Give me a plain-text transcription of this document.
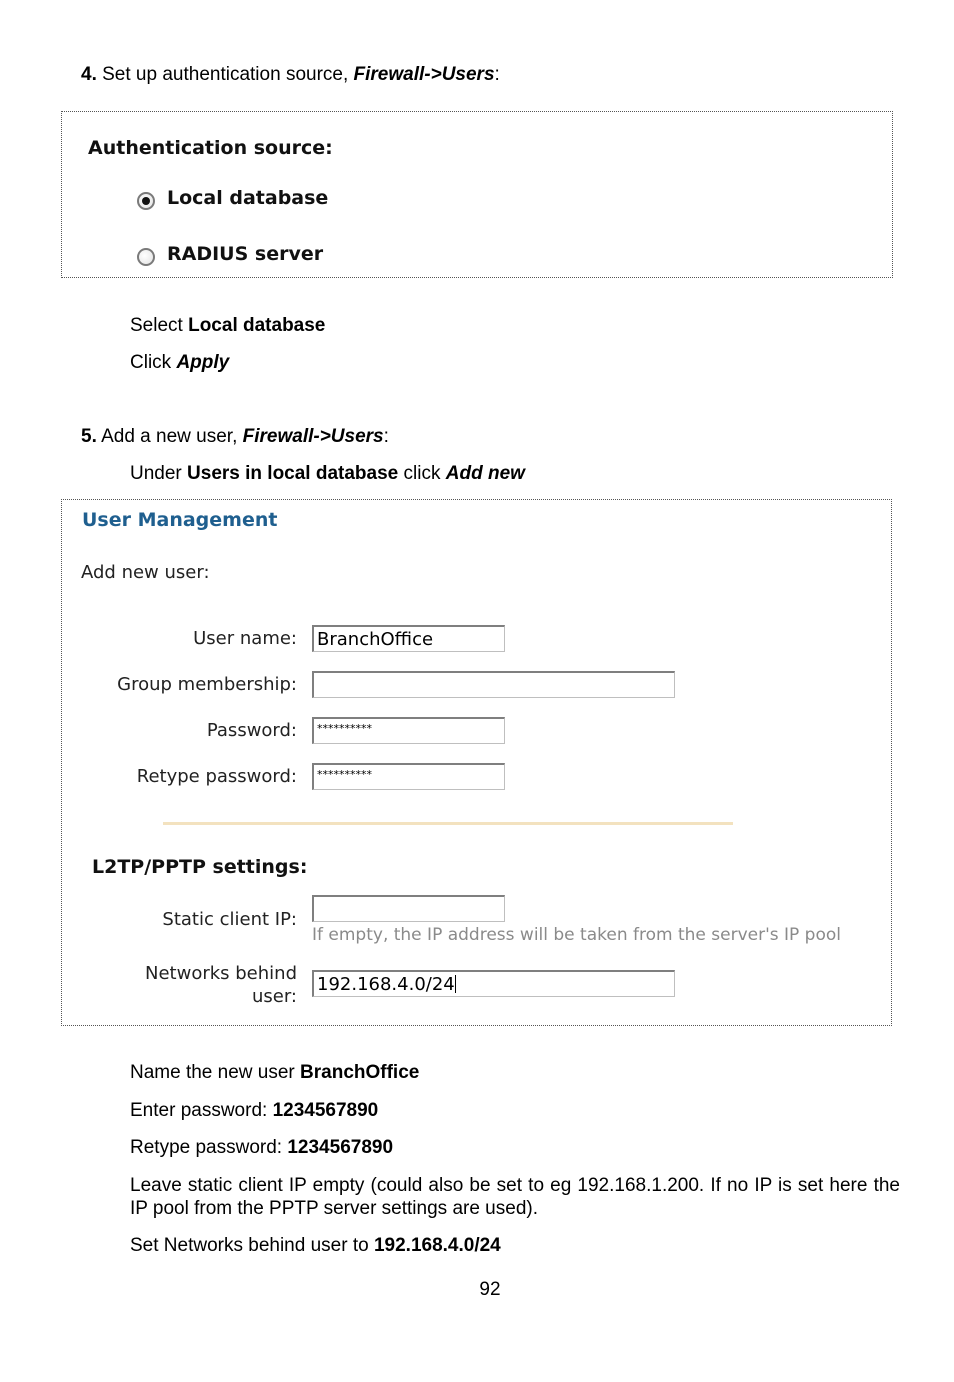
4. Set up authentication source, Firewall->Users:
Authentication source:
Local database
RADIUS server
Select Local database
Click Apply
5. Add a new user, Firewall->Users:
Under Users in local database click Add new
User Management
Add new user:
User name: BranchOffice
Group membership:
Password:	**********
Retype password:	**********
L2TP/PPTP settings:
Static client IP:
If empty, the IP address will be taken from the server's IP pool
Networks behind
user:
192.168.4.0/24
Name the new user BranchOffice
Enter password: 1234567890
Retype password: 1234567890
Leave static client IP empty (could also be set to eg 192.168.1.200. If no IP is set here the IP pool from the PPTP server settings are used).
Set Networks behind user to 192.168.4.0/24
92
